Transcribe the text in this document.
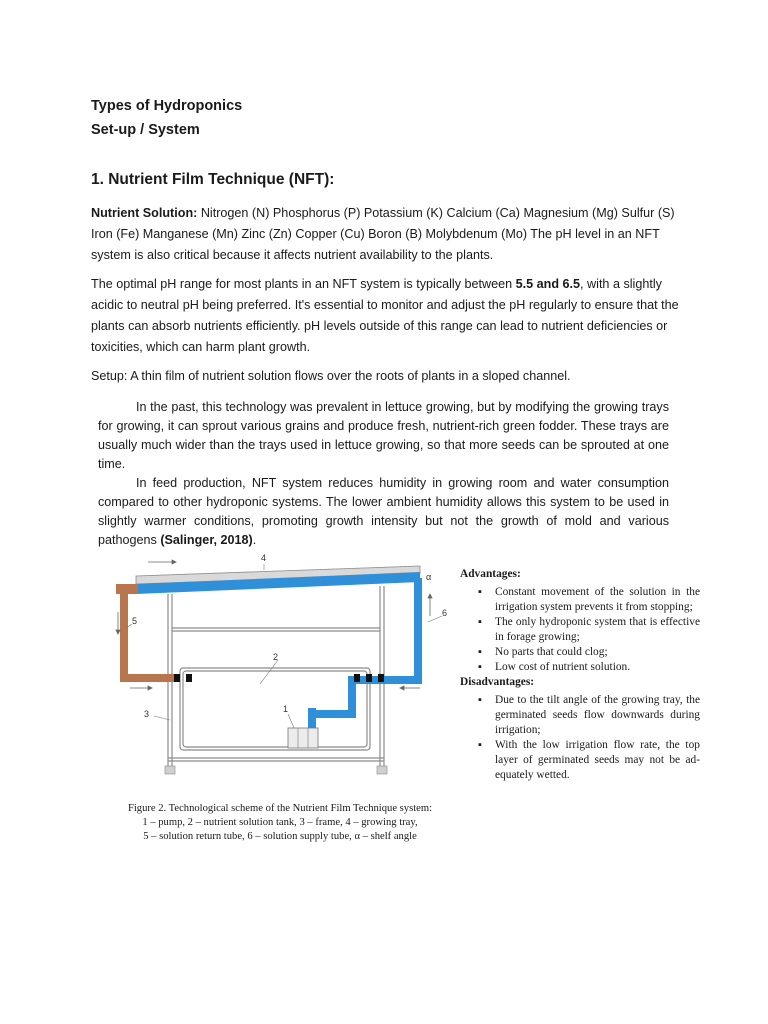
Types of Hydroponics
Set-up / System
1. Nutrient Film Technique (NFT):

Nutrient Solution: Nitrogen (N) Phosphorus (P) Potassium (K) Calcium (Ca) Magnesium (Mg) Sulfur (S) Iron (Fe) Manganese (Mn) Zinc (Zn) Copper (Cu) Boron (B) Molybdenum (Mo) The pH level in an NFT system is also critical because it affects nutrient availability to the plants.

The optimal pH range for most plants in an NFT system is typically between 5.5 and 6.5, with a slightly acidic to neutral pH being preferred. It's essential to monitor and adjust the pH regularly to ensure that the plants can absorb nutrients efficiently. pH levels outside of this range can lead to nutrient deficiencies or toxicities, which can harm plant growth.

Setup: A thin film of nutrient solution flows over the roots of plants in a sloped channel.

In the past, this technology was prevalent in lettuce growing, but by modifying the growing trays for growing, it can sprout various grains and produce fresh, nutrient-rich green fodder. These trays are usually much wider than the trays used in lettuce growing, so that more seeds can be sprouted at one time.

In feed production, NFT system reduces humidity in growing room and water consumption compared to other hydroponic systems. The lower ambient humidity allows this system to be used in slightly warmer conditions, promoting growth intensity but not the growth of mold and various pathogens (Salinger, 2018).

4
2
3	1
5
6
α
Figure 2. Technological scheme of the Nutrient Film Technique system:
1 – pump, 2 – nutrient solution tank, 3 – frame, 4 – growing tray,
5 – solution return tube, 6 – solution supply tube, α – shelf angle
Advantages:
▪ Constant movement of the solution in the irrigation system prevents it from stopping;
▪ The only hydroponic system that is effective in forage growing;
▪ No parts that could clog;
▪ Low cost of nutrient solution.
Disadvantages:
▪ Due to the tilt angle of the growing tray, the germinated seeds flow downwards during irrigation;
▪ With the low irrigation flow rate, the top layer of germinated seeds may not be ad- equately wetted.
